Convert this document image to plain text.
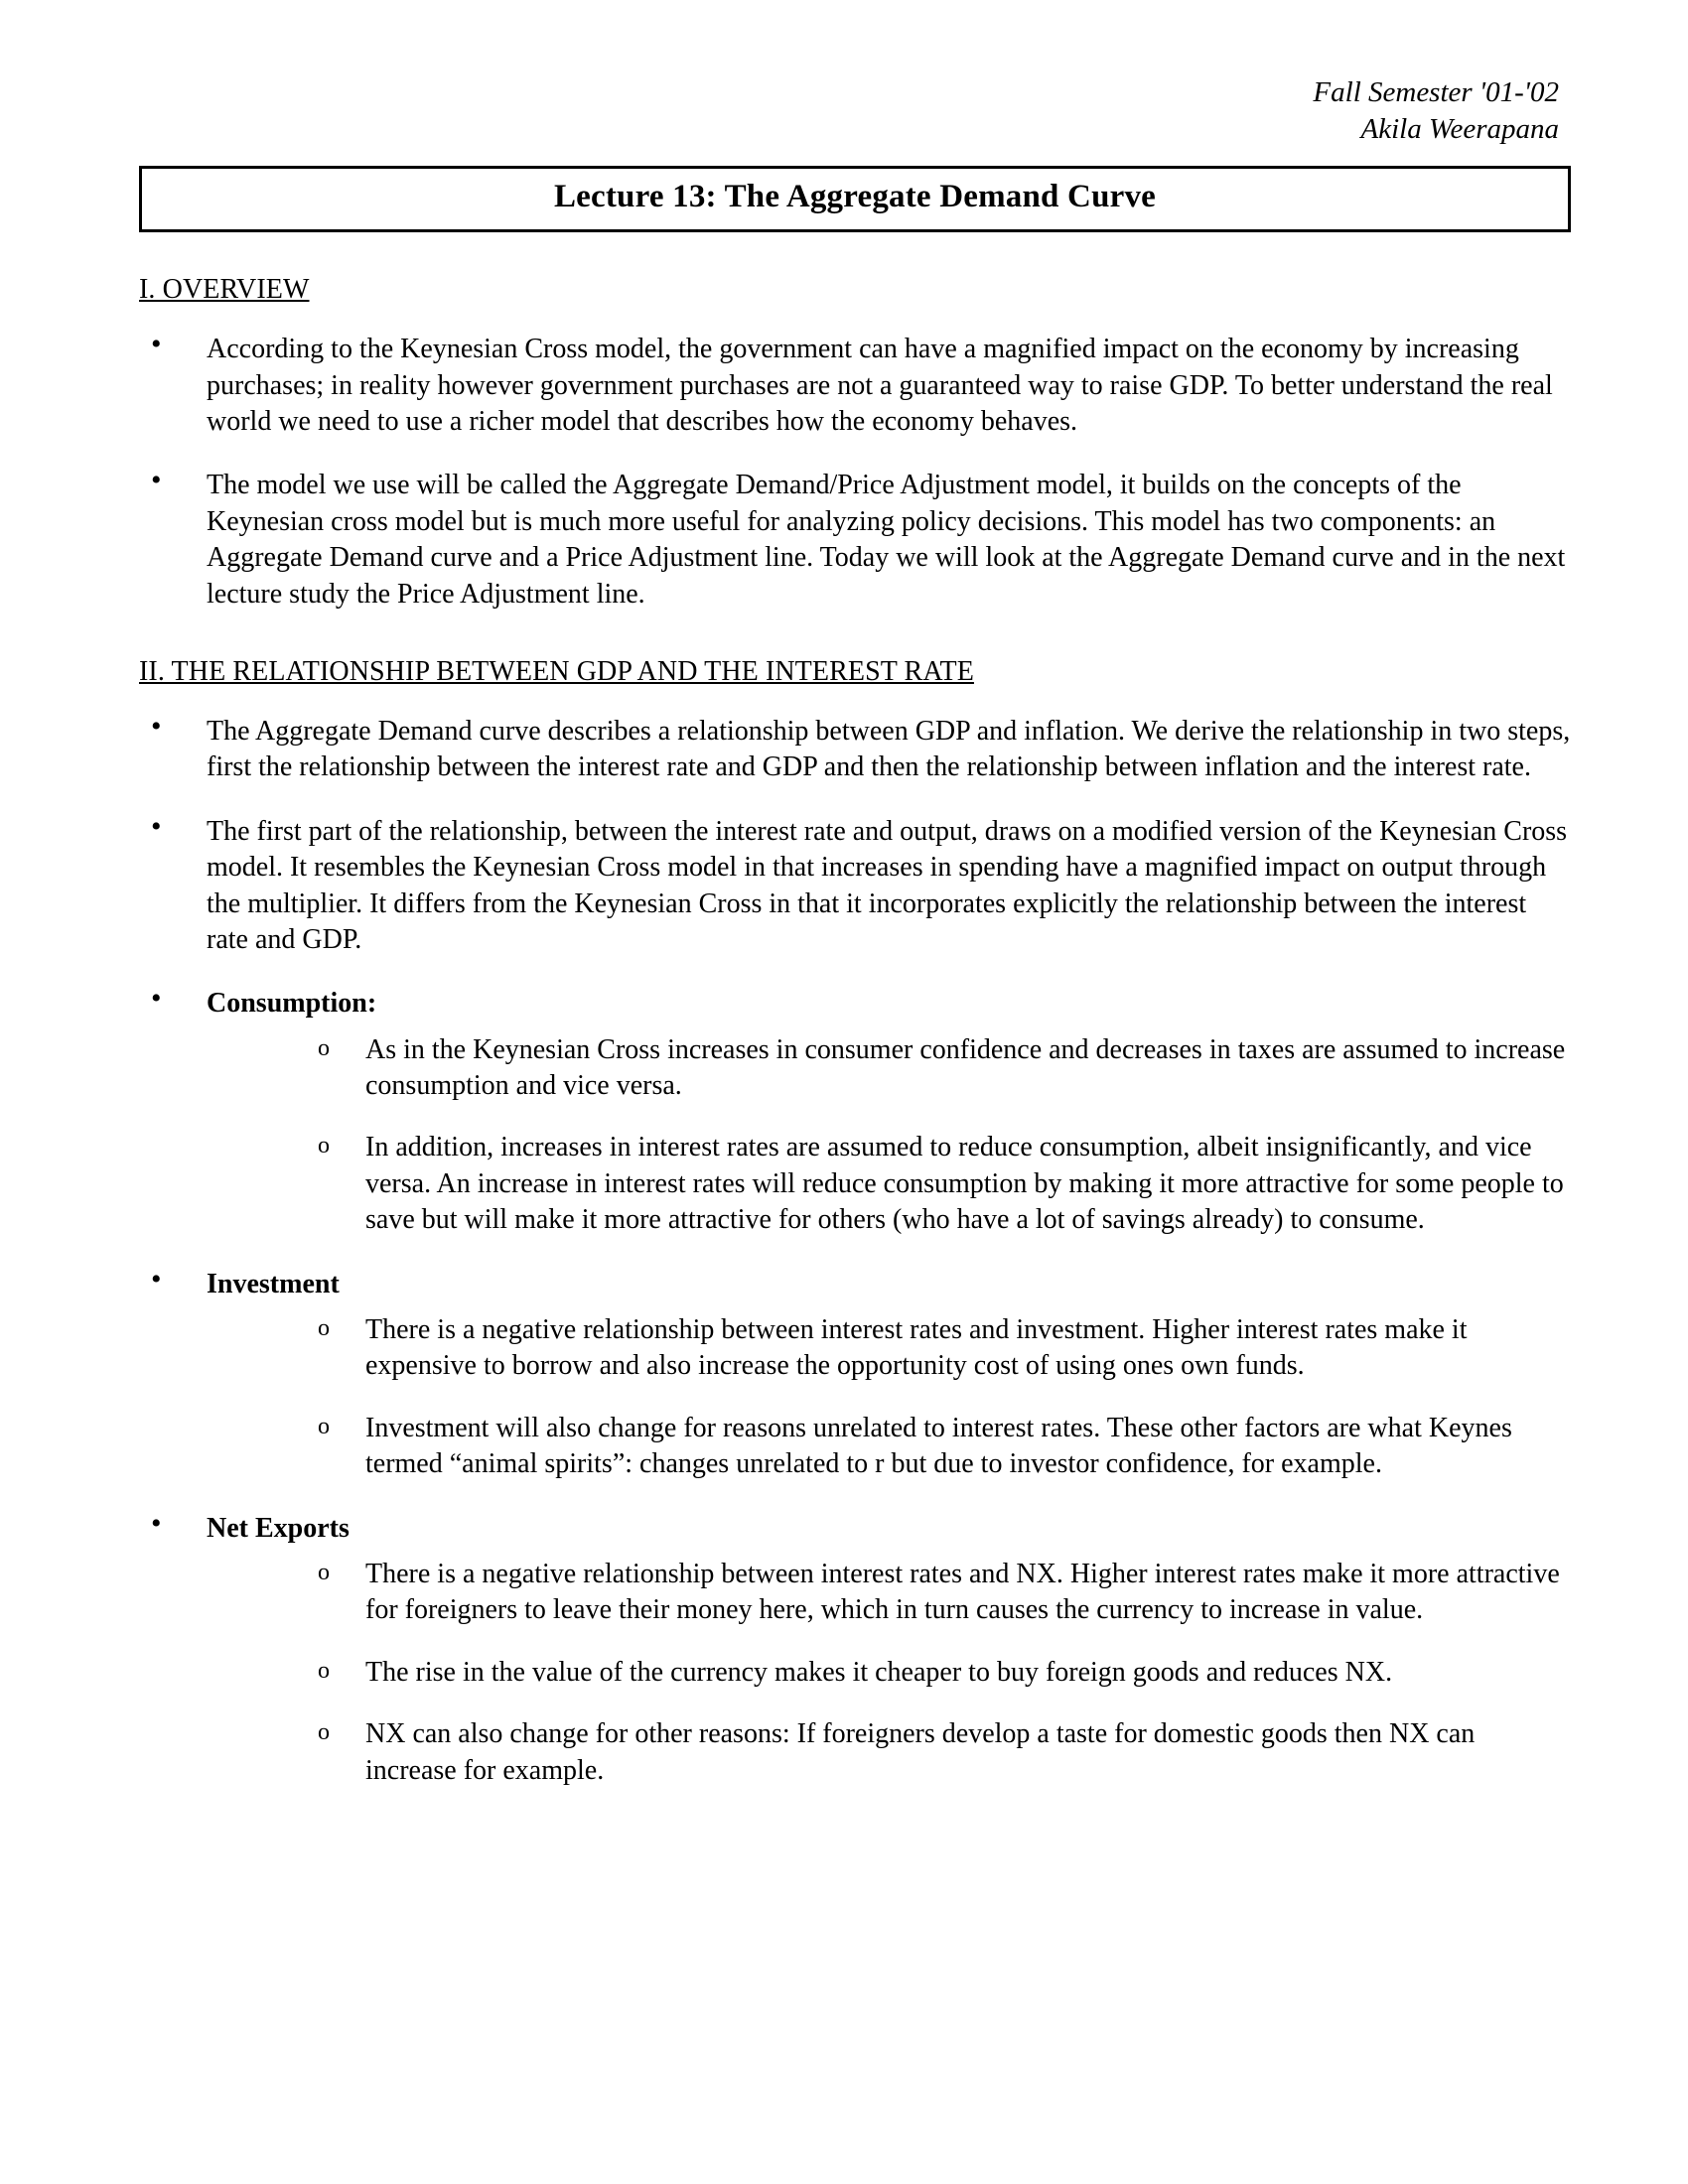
Fall Semester '01-'02
Akila Weerapana
Lecture 13: The Aggregate Demand Curve
I. OVERVIEW
• According to the Keynesian Cross model, the government can have a magnified impact on the economy by increasing purchases; in reality however government purchases are not a guaranteed way to raise GDP. To better understand the real world we need to use a richer model that describes how the economy behaves.
• The model we use will be called the Aggregate Demand/Price Adjustment model, it builds on the concepts of the Keynesian cross model but is much more useful for analyzing policy decisions. This model has two components: an Aggregate Demand curve and a Price Adjustment line. Today we will look at the Aggregate Demand curve and in the next lecture study the Price Adjustment line.
II. THE RELATIONSHIP BETWEEN GDP AND THE INTEREST RATE
• The Aggregate Demand curve describes a relationship between GDP and inflation. We derive the relationship in two steps, first the relationship between the interest rate and GDP and then the relationship between inflation and the interest rate.
• The first part of the relationship, between the interest rate and output, draws on a modified version of the Keynesian Cross model. It resembles the Keynesian Cross model in that increases in spending have a magnified impact on output through the multiplier. It differs from the Keynesian Cross in that it incorporates explicitly the relationship between the interest rate and GDP.
• Consumption:
o As in the Keynesian Cross increases in consumer confidence and decreases in taxes are assumed to increase consumption and vice versa.
o In addition, increases in interest rates are assumed to reduce consumption, albeit insignificantly, and vice versa. An increase in interest rates will reduce consumption by making it more attractive for some people to save but will make it more attractive for others (who have a lot of savings already) to consume.
• Investment
o There is a negative relationship between interest rates and investment. Higher interest rates make it expensive to borrow and also increase the opportunity cost of using ones own funds.
o Investment will also change for reasons unrelated to interest rates. These other factors are what Keynes termed “animal spirits”: changes unrelated to r but due to investor confidence, for example.
• Net Exports
o There is a negative relationship between interest rates and NX. Higher interest rates make it more attractive for foreigners to leave their money here, which in turn causes the currency to increase in value.
o The rise in the value of the currency makes it cheaper to buy foreign goods and reduces NX.
o NX can also change for other reasons: If foreigners develop a taste for domestic goods then NX can increase for example.
